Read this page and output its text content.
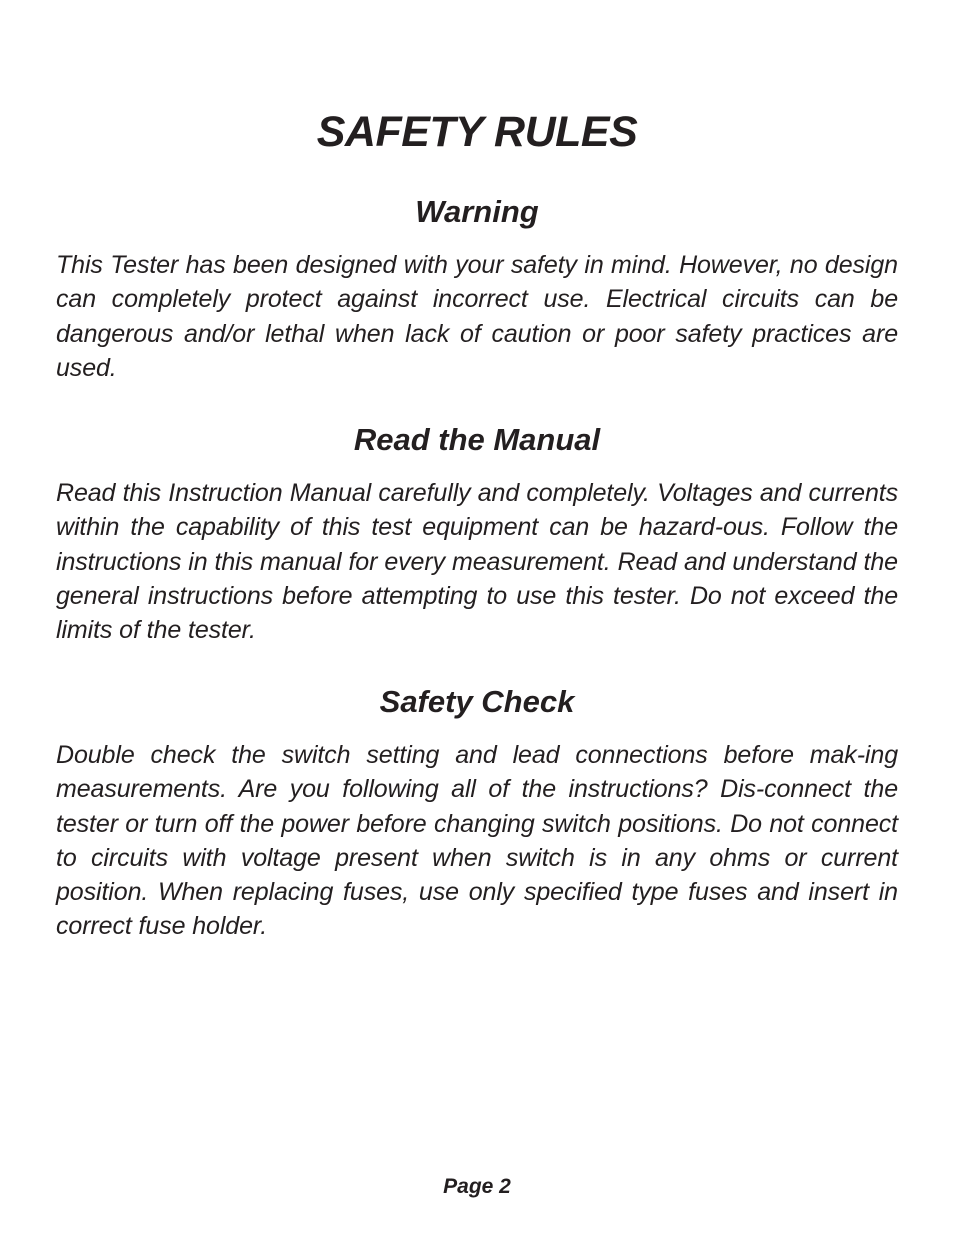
SAFETY RULES
Warning

This Tester has been designed with your safety in mind. However, no design can completely protect against incorrect use. Electrical circuits can be dangerous and/or lethal when lack of caution or poor safety practices are used.

Read the Manual

Read this Instruction Manual carefully and completely. Voltages and currents within the capability of this test equipment can be hazard-ous. Follow the instructions in this manual for every measurement. Read and understand the general instructions before attempting to use this tester. Do not exceed the limits of the tester.

Safety Check

Double check the switch setting and lead connections before mak-ing measurements. Are you following all of the instructions? Dis-connect the tester or turn off the power before changing switch positions. Do not connect to circuits with voltage present when switch is in any ohms or current position. When replacing fuses, use only specified type fuses and insert in correct fuse holder.

Page 2
